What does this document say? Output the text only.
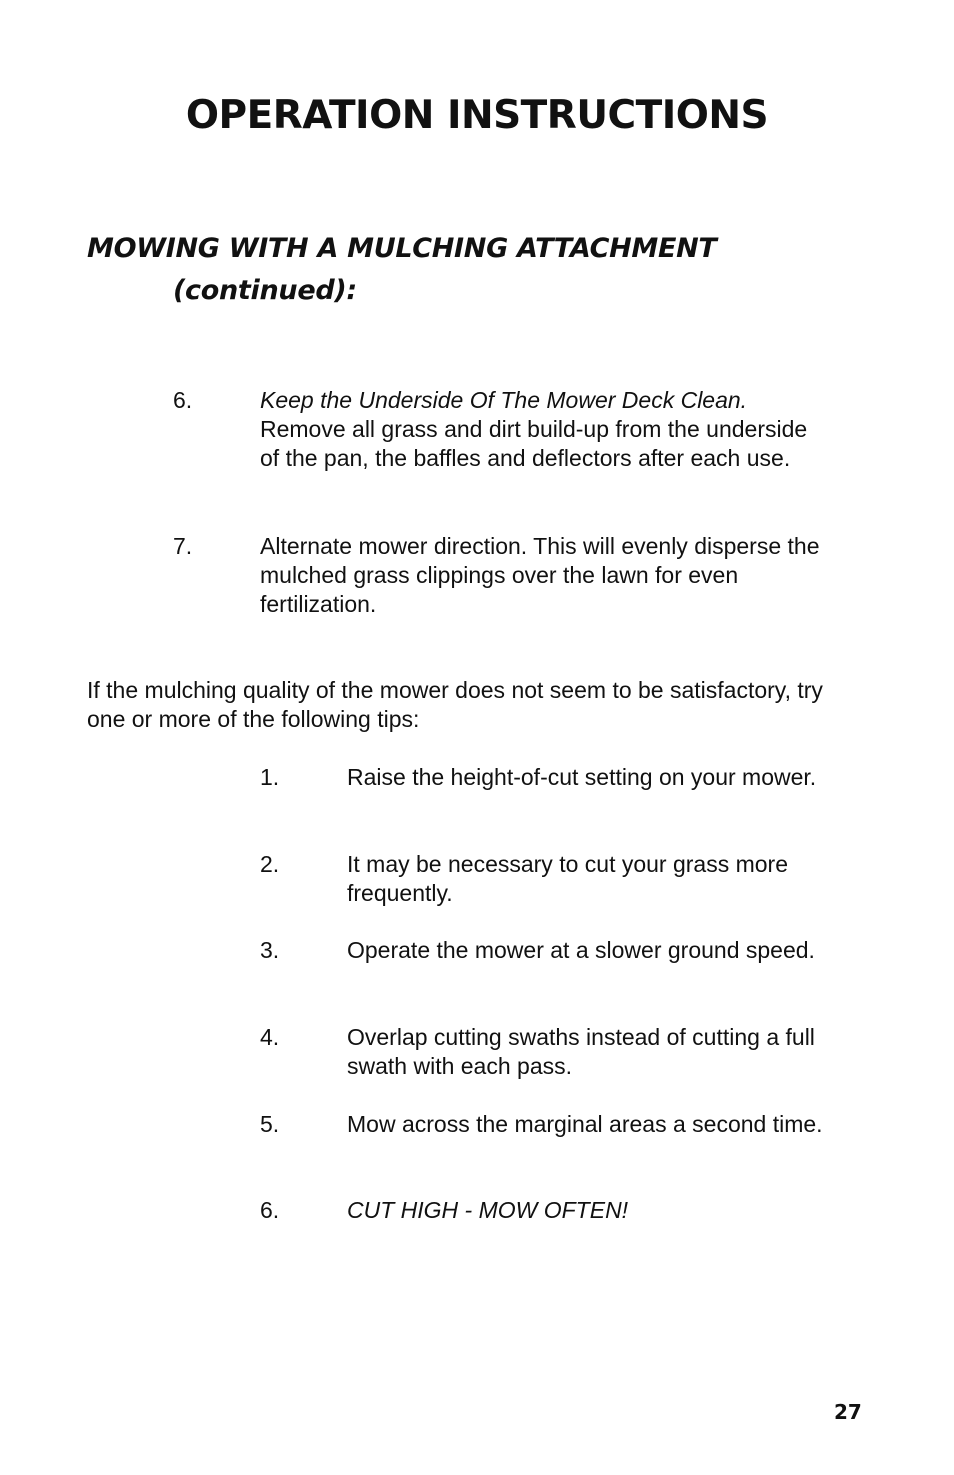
OPERATION INSTRUCTIONS
MOWING WITH A MULCHING ATTACHMENT
(continued):
6.	Keep the Underside Of The Mower Deck Clean.
Remove all grass and dirt build-up from the underside of the pan, the baffles and deflectors after each use.
7.	Alternate mower direction. This will evenly disperse the mulched grass clippings over the lawn for even fertilization.

If the mulching quality of the mower does not seem to be satisfactory, try one or more of the following tips:

1.	Raise the height-of-cut setting on your mower.
2.	It may be necessary to cut your grass more frequently.
3.	Operate the mower at a slower ground speed.
4.	Overlap cutting swaths instead of cutting a full swath with each pass.
5.	Mow across the marginal areas a second time.
6.	CUT HIGH - MOW OFTEN!
27
